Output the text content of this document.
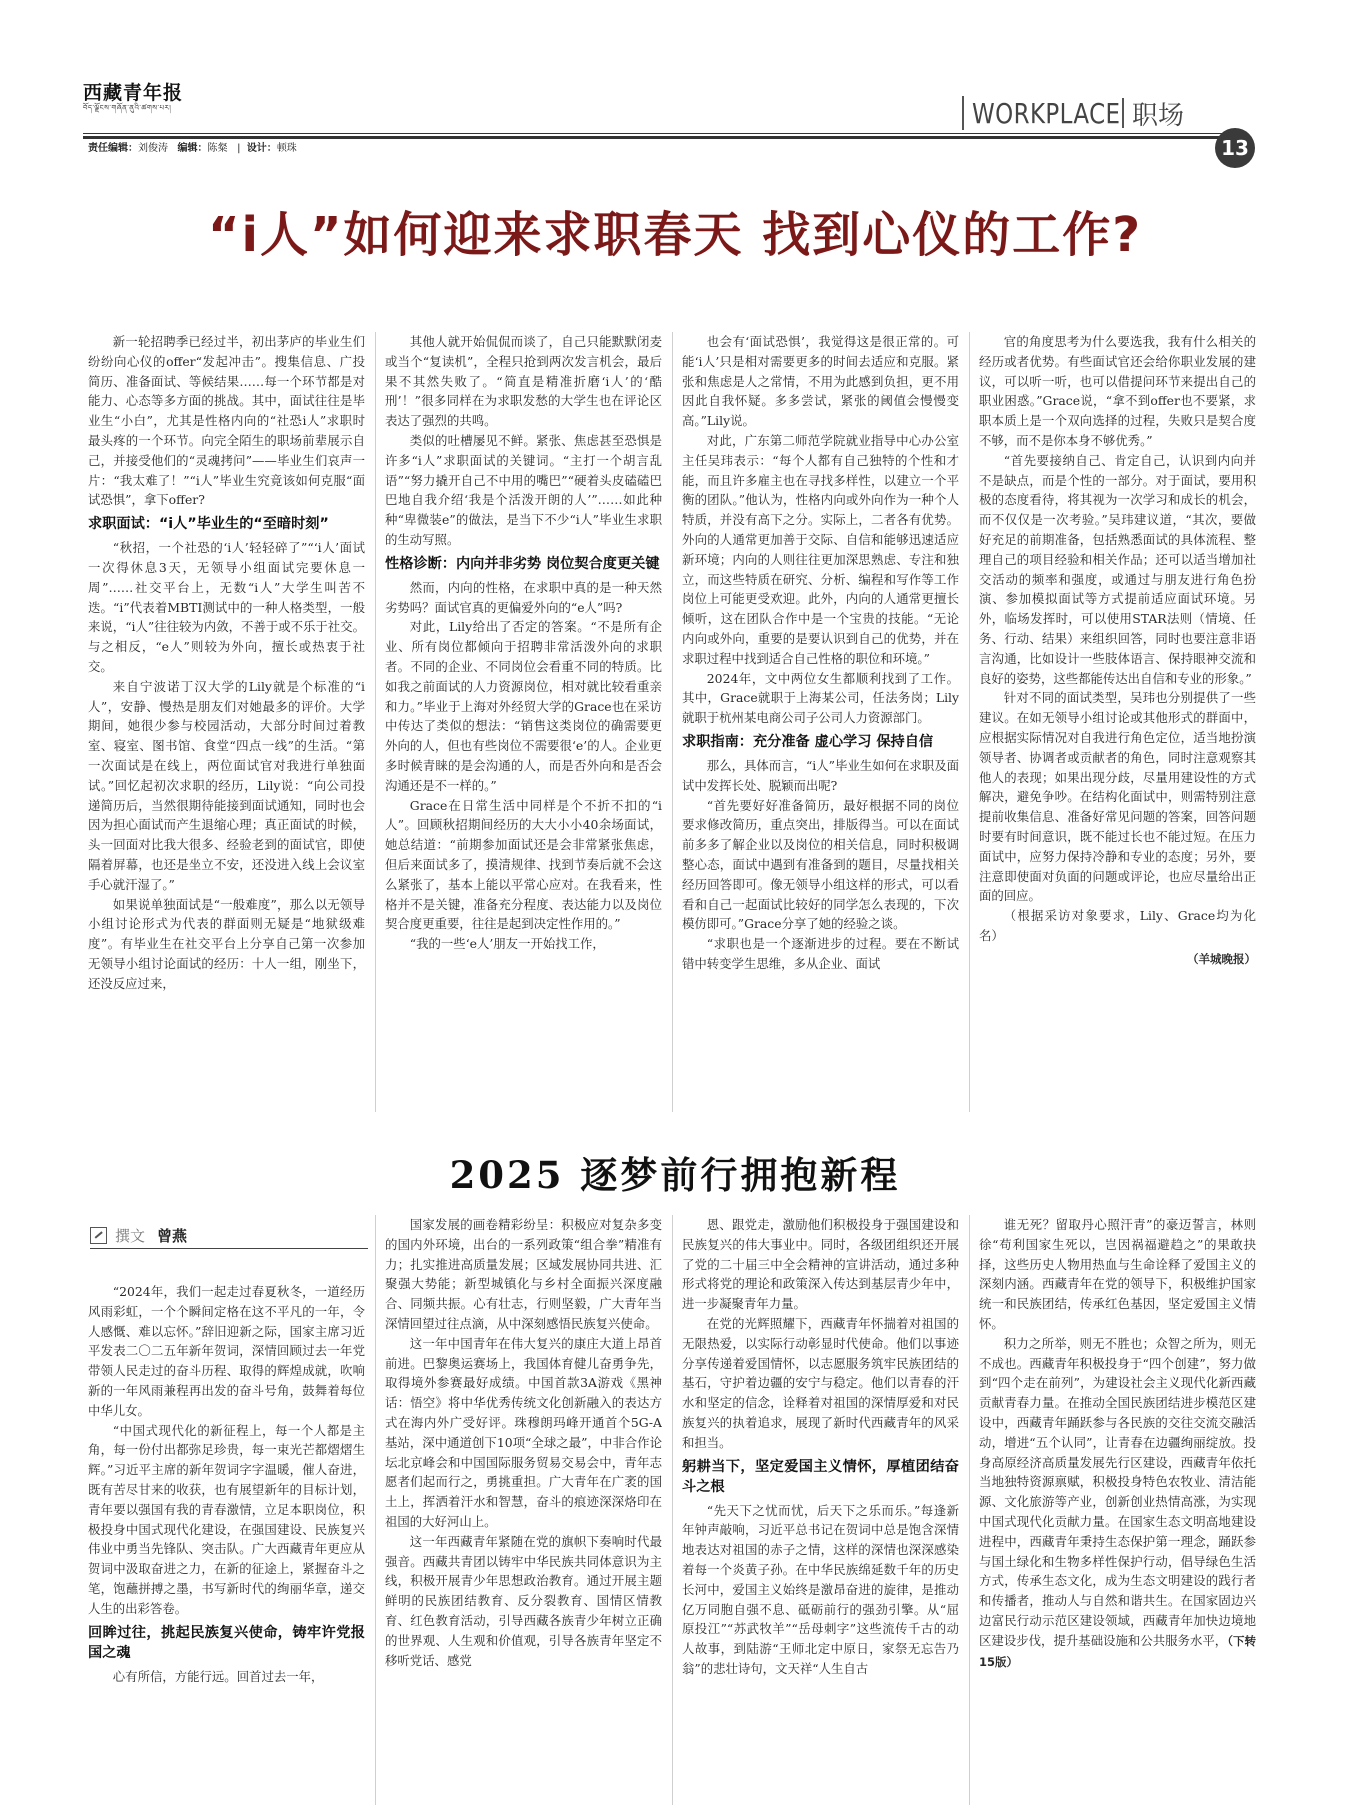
西藏青年报
བོད་ལྗོངས་གཞོན་ནུའི་ཚགས་པར།	WORKPLACE 职场
责任编辑：刘俊涛 编辑：陈粲   |  设计：顿珠	13
“i人”如何迎来求职春天 找到心仪的工作?

新一轮招聘季已经过半，初出茅庐的毕业生们纷纷向心仪的offer“发起冲击”。搜集信息、广投简历、准备面试、等候结果……每一个环节都是对能力、心态等多方面的挑战。其中，面试往往是毕业生“小白”，尤其是性格内向的“社恐i人”求职时最头疼的一个环节。向完全陌生的职场前辈展示自己，并接受他们的“灵魂拷问”——毕业生们哀声一片：“我太难了！”“i人”毕业生究竟该如何克服“面试恐惧”，拿下offer?

求职面试：“i人”毕业生的“至暗时刻”

“秋招，一个社恐的‘i人’轻轻碎了”“‘i人’面试一次得休息3天，无领导小组面试完要休息一周”……社交平台上，无数“i人”大学生叫苦不迭。“i”代表着MBTI测试中的一种人格类型，一般来说，“i人”往往较为内敛，不善于或不乐于社交。与之相反，“e人”则较为外向，擅长或热衷于社交。

来自宁波诺丁汉大学的Lily就是个标准的“i人”，安静、慢热是朋友们对她最多的评价。大学期间，她很少参与校园活动，大部分时间过着教室、寝室、图书馆、食堂“四点一线”的生活。“第一次面试是在线上，两位面试官对我进行单独面试。”回忆起初次求职的经历，Lily说：“向公司投递简历后，当然很期待能接到面试通知，同时也会因为担心面试而产生退缩心理；真正面试的时候，头一回面对比我大很多、经验老到的面试官，即使隔着屏幕，也还是坐立不安，还没进入线上会议室手心就汗湿了。”

如果说单独面试是“一般难度”，那么以无领导小组讨论形式为代表的群面则无疑是“地狱级难度”。有毕业生在社交平台上分享自己第一次参加无领导小组讨论面试的经历：十人一组，刚坐下，还没反应过来，

其他人就开始侃侃而谈了，自己只能默默闭麦或当个“复读机”，全程只抢到两次发言机会，最后果不其然失败了。“简直是精准折磨‘i人’的‘酷刑’！”很多同样在为求职发愁的大学生也在评论区表达了强烈的共鸣。

类似的吐槽屡见不鲜。紧张、焦虑甚至恐惧是许多“i人”求职面试的关键词。“主打一个胡言乱语”“努力撬开自己不中用的嘴巴”“硬着头皮磕磕巴巴地自我介绍‘我是个活泼开朗的人’”……如此种种“卑微装e”的做法，是当下不少“i人”毕业生求职的生动写照。

性格诊断：内向并非劣势 岗位契合度更关键

然而，内向的性格，在求职中真的是一种天然劣势吗？面试官真的更偏爱外向的“e人”吗?

对此，Lily给出了否定的答案。“不是所有企业、所有岗位都倾向于招聘非常活泼外向的求职者。不同的企业、不同岗位会看重不同的特质。比如我之前面试的人力资源岗位，相对就比较看重亲和力。”毕业于上海对外经贸大学的Grace也在采访中传达了类似的想法：“销售这类岗位的确需要更外向的人，但也有些岗位不需要很‘e’的人。企业更多时候青睐的是会沟通的人，而是否外向和是否会沟通还是不一样的。”

Grace在日常生活中同样是个不折不扣的“i人”。回顾秋招期间经历的大大小小40余场面试，她总结道：“前期参加面试还是会非常紧张焦虑，但后来面试多了，摸清规律、找到节奏后就不会这么紧张了，基本上能以平常心应对。在我看来，性格并不是关键，准备充分程度、表达能力以及岗位契合度更重要，往往是起到决定性作用的。”

“我的一些‘e人’朋友一开始找工作，

也会有‘面试恐惧’，我觉得这是很正常的。可能‘i人’只是相对需要更多的时间去适应和克服。紧张和焦虑是人之常情，不用为此感到负担，更不用因此自我怀疑。多多尝试，紧张的阈值会慢慢变高。”Lily说。

对此，广东第二师范学院就业指导中心办公室主任吴玮表示：“每个人都有自己独特的个性和才能，而且许多雇主也在寻找多样性，以建立一个平衡的团队。”他认为，性格内向或外向作为一种个人特质，并没有高下之分。实际上，二者各有优势。外向的人通常更加善于交际、自信和能够迅速适应新环境；内向的人则往往更加深思熟虑、专注和独立，而这些特质在研究、分析、编程和写作等工作岗位上可能更受欢迎。此外，内向的人通常更擅长倾听，这在团队合作中是一个宝贵的技能。“无论内向或外向，重要的是要认识到自己的优势，并在求职过程中找到适合自己性格的职位和环境。”

2024年，文中两位女生都顺利找到了工作。其中，Grace就职于上海某公司，任法务岗；Lily就职于杭州某电商公司子公司人力资源部门。

求职指南：充分准备 虚心学习 保持自信

那么，具体而言，“i人”毕业生如何在求职及面试中发挥长处、脱颖而出呢?

“首先要好好准备简历，最好根据不同的岗位要求修改简历，重点突出，排版得当。可以在面试前多多了解企业以及岗位的相关信息，同时积极调整心态，面试中遇到有准备到的题目，尽量找相关经历回答即可。像无领导小组这样的形式，可以看看和自己一起面试比较好的同学怎么表现的，下次模仿即可。”Grace分享了她的经验之谈。

“求职也是一个逐渐进步的过程。要在不断试错中转变学生思维，多从企业、面试

官的角度思考为什么要选我，我有什么相关的经历或者优势。有些面试官还会给你职业发展的建议，可以听一听，也可以借提问环节来提出自己的职业困惑。”Grace说，“拿不到offer也不要紧，求职本质上是一个双向选择的过程，失败只是契合度不够，而不是你本身不够优秀。”

“首先要接纳自己、肯定自己，认识到内向并不是缺点，而是个性的一部分。对于面试，要用积极的态度看待，将其视为一次学习和成长的机会，而不仅仅是一次考验。”吴玮建议道，“其次，要做好充足的前期准备，包括熟悉面试的具体流程、整理自己的项目经验和相关作品；还可以适当增加社交活动的频率和强度，或通过与朋友进行角色扮演、参加模拟面试等方式提前适应面试环境。另外，临场发挥时，可以使用STAR法则（情境、任务、行动、结果）来组织回答，同时也要注意非语言沟通，比如设计一些肢体语言、保持眼神交流和良好的姿势，这些都能传达出自信和专业的形象。”

针对不同的面试类型，吴玮也分别提供了一些建议。在如无领导小组讨论或其他形式的群面中，应根据实际情况对自我进行角色定位，适当地扮演领导者、协调者或贡献者的角色，同时注意观察其他人的表现；如果出现分歧，尽量用建设性的方式解决，避免争吵。在结构化面试中，则需特别注意提前收集信息、准备好常见问题的答案，回答问题时要有时间意识，既不能过长也不能过短。在压力面试中，应努力保持冷静和专业的态度；另外，要注意即使面对负面的问题或评论，也应尽量给出正面的回应。

（根据采访对象要求，Lily、Grace均为化名）

（羊城晚报）
2025 逐梦前行拥抱新程
撰文 曾燕

“2024年，我们一起走过春夏秋冬，一道经历风雨彩虹，一个个瞬间定格在这不平凡的一年，令人感慨、难以忘怀。”辞旧迎新之际，国家主席习近平发表二〇二五年新年贺词，深情回顾过去一年党带领人民走过的奋斗历程、取得的辉煌成就，吹响新的一年风雨兼程再出发的奋斗号角，鼓舞着每位中华儿女。

“中国式现代化的新征程上，每一个人都是主角，每一份付出都弥足珍贵，每一束光芒都熠熠生辉。”习近平主席的新年贺词字字温暖，催人奋进，既有苦尽甘来的收获，也有展望新年的目标计划，青年要以强国有我的青春激情，立足本职岗位，积极投身中国式现代化建设，在强国建设、民族复兴伟业中勇当先锋队、突击队。广大西藏青年更应从贺词中汲取奋进之力，在新的征途上，紧握奋斗之笔，饱蘸拼搏之墨，书写新时代的绚丽华章，递交人生的出彩答卷。

回眸过往，挑起民族复兴使命，铸牢许党报国之魂

心有所信，方能行远。回首过去一年，

国家发展的画卷精彩纷呈：积极应对复杂多变的国内外环境，出台的一系列政策“组合拳”精准有力；扎实推进高质量发展；区域发展协同共进、汇聚强大势能；新型城镇化与乡村全面振兴深度融合、同频共振。心有壮志，行则坚毅，广大青年当深情回望过往点滴，从中深刻感悟民族复兴使命。

这一年中国青年在伟大复兴的康庄大道上昂首前进。巴黎奥运赛场上，我国体育健儿奋勇争先，取得境外参赛最好成绩。中国首款3A游戏《黑神话：悟空》将中华优秀传统文化创新融入的表达方式在海内外广受好评。珠穆朗玛峰开通首个5G-A基站，深中通道创下10项“全球之最”，中非合作论坛北京峰会和中国国际服务贸易交易会中，青年志愿者们起而行之，勇挑重担。广大青年在广袤的国土上，挥洒着汗水和智慧，奋斗的痕迹深深烙印在祖国的大好河山上。

这一年西藏青年紧随在党的旗帜下奏响时代最强音。西藏共青团以铸牢中华民族共同体意识为主线，积极开展青少年思想政治教育。通过开展主题鲜明的民族团结教育、反分裂教育、国情区情教育、红色教育活动，引导西藏各族青少年树立正确的世界观、人生观和价值观，引导各族青年坚定不移听党话、感党

恩、跟党走，激励他们积极投身于强国建设和民族复兴的伟大事业中。同时，各级团组织还开展了党的二十届三中全会精神的宣讲活动，通过多种形式将党的理论和政策深入传达到基层青少年中，进一步凝聚青年力量。

在党的光辉照耀下，西藏青年怀揣着对祖国的无限热爱，以实际行动彰显时代使命。他们以事迹分享传递着爱国情怀，以志愿服务筑牢民族团结的基石，守护着边疆的安宁与稳定。他们以青春的汗水和坚定的信念，诠释着对祖国的深情厚爱和对民族复兴的执着追求，展现了新时代西藏青年的风采和担当。

躬耕当下，坚定爱国主义情怀，厚植团结奋斗之根

“先天下之忧而忧，后天下之乐而乐。”每逢新年钟声敲响，习近平总书记在贺词中总是饱含深情地表达对祖国的赤子之情，这样的深情也深深感染着每一个炎黄子孙。在中华民族绵延数千年的历史长河中，爱国主义始终是激昂奋进的旋律，是推动亿万同胞自强不息、砥砺前行的强劲引擎。从“屈原投江”“苏武牧羊”“岳母刺字”这些流传千古的动人故事，到陆游“王师北定中原日，家祭无忘告乃翁”的悲壮诗句，文天祥“人生自古

谁无死？留取丹心照汗青”的豪迈誓言，林则徐“苟利国家生死以，岂因祸福避趋之”的果敢抉择，这些历史人物用热血与生命诠释了爱国主义的深刻内涵。西藏青年在党的领导下，积极维护国家统一和民族团结，传承红色基因，坚定爱国主义情怀。

积力之所举，则无不胜也；众智之所为，则无不成也。西藏青年积极投身于“四个创建”，努力做到“四个走在前列”，为建设社会主义现代化新西藏贡献青春力量。在推动全国民族团结进步模范区建设中，西藏青年踊跃参与各民族的交往交流交融活动，增进“五个认同”，让青春在边疆绚丽绽放。投身高原经济高质量发展先行区建设，西藏青年依托当地独特资源禀赋，积极投身特色农牧业、清洁能源、文化旅游等产业，创新创业热情高涨，为实现中国式现代化贡献力量。在国家生态文明高地建设进程中，西藏青年秉持生态保护第一理念，踊跃参与国土绿化和生物多样性保护行动，倡导绿色生活方式，传承生态文化，成为生态文明建设的践行者和传播者，推动人与自然和谐共生。在国家固边兴边富民行动示范区建设领域，西藏青年加快边境地区建设步伐，提升基础设施和公共服务水平，（下转15版）
